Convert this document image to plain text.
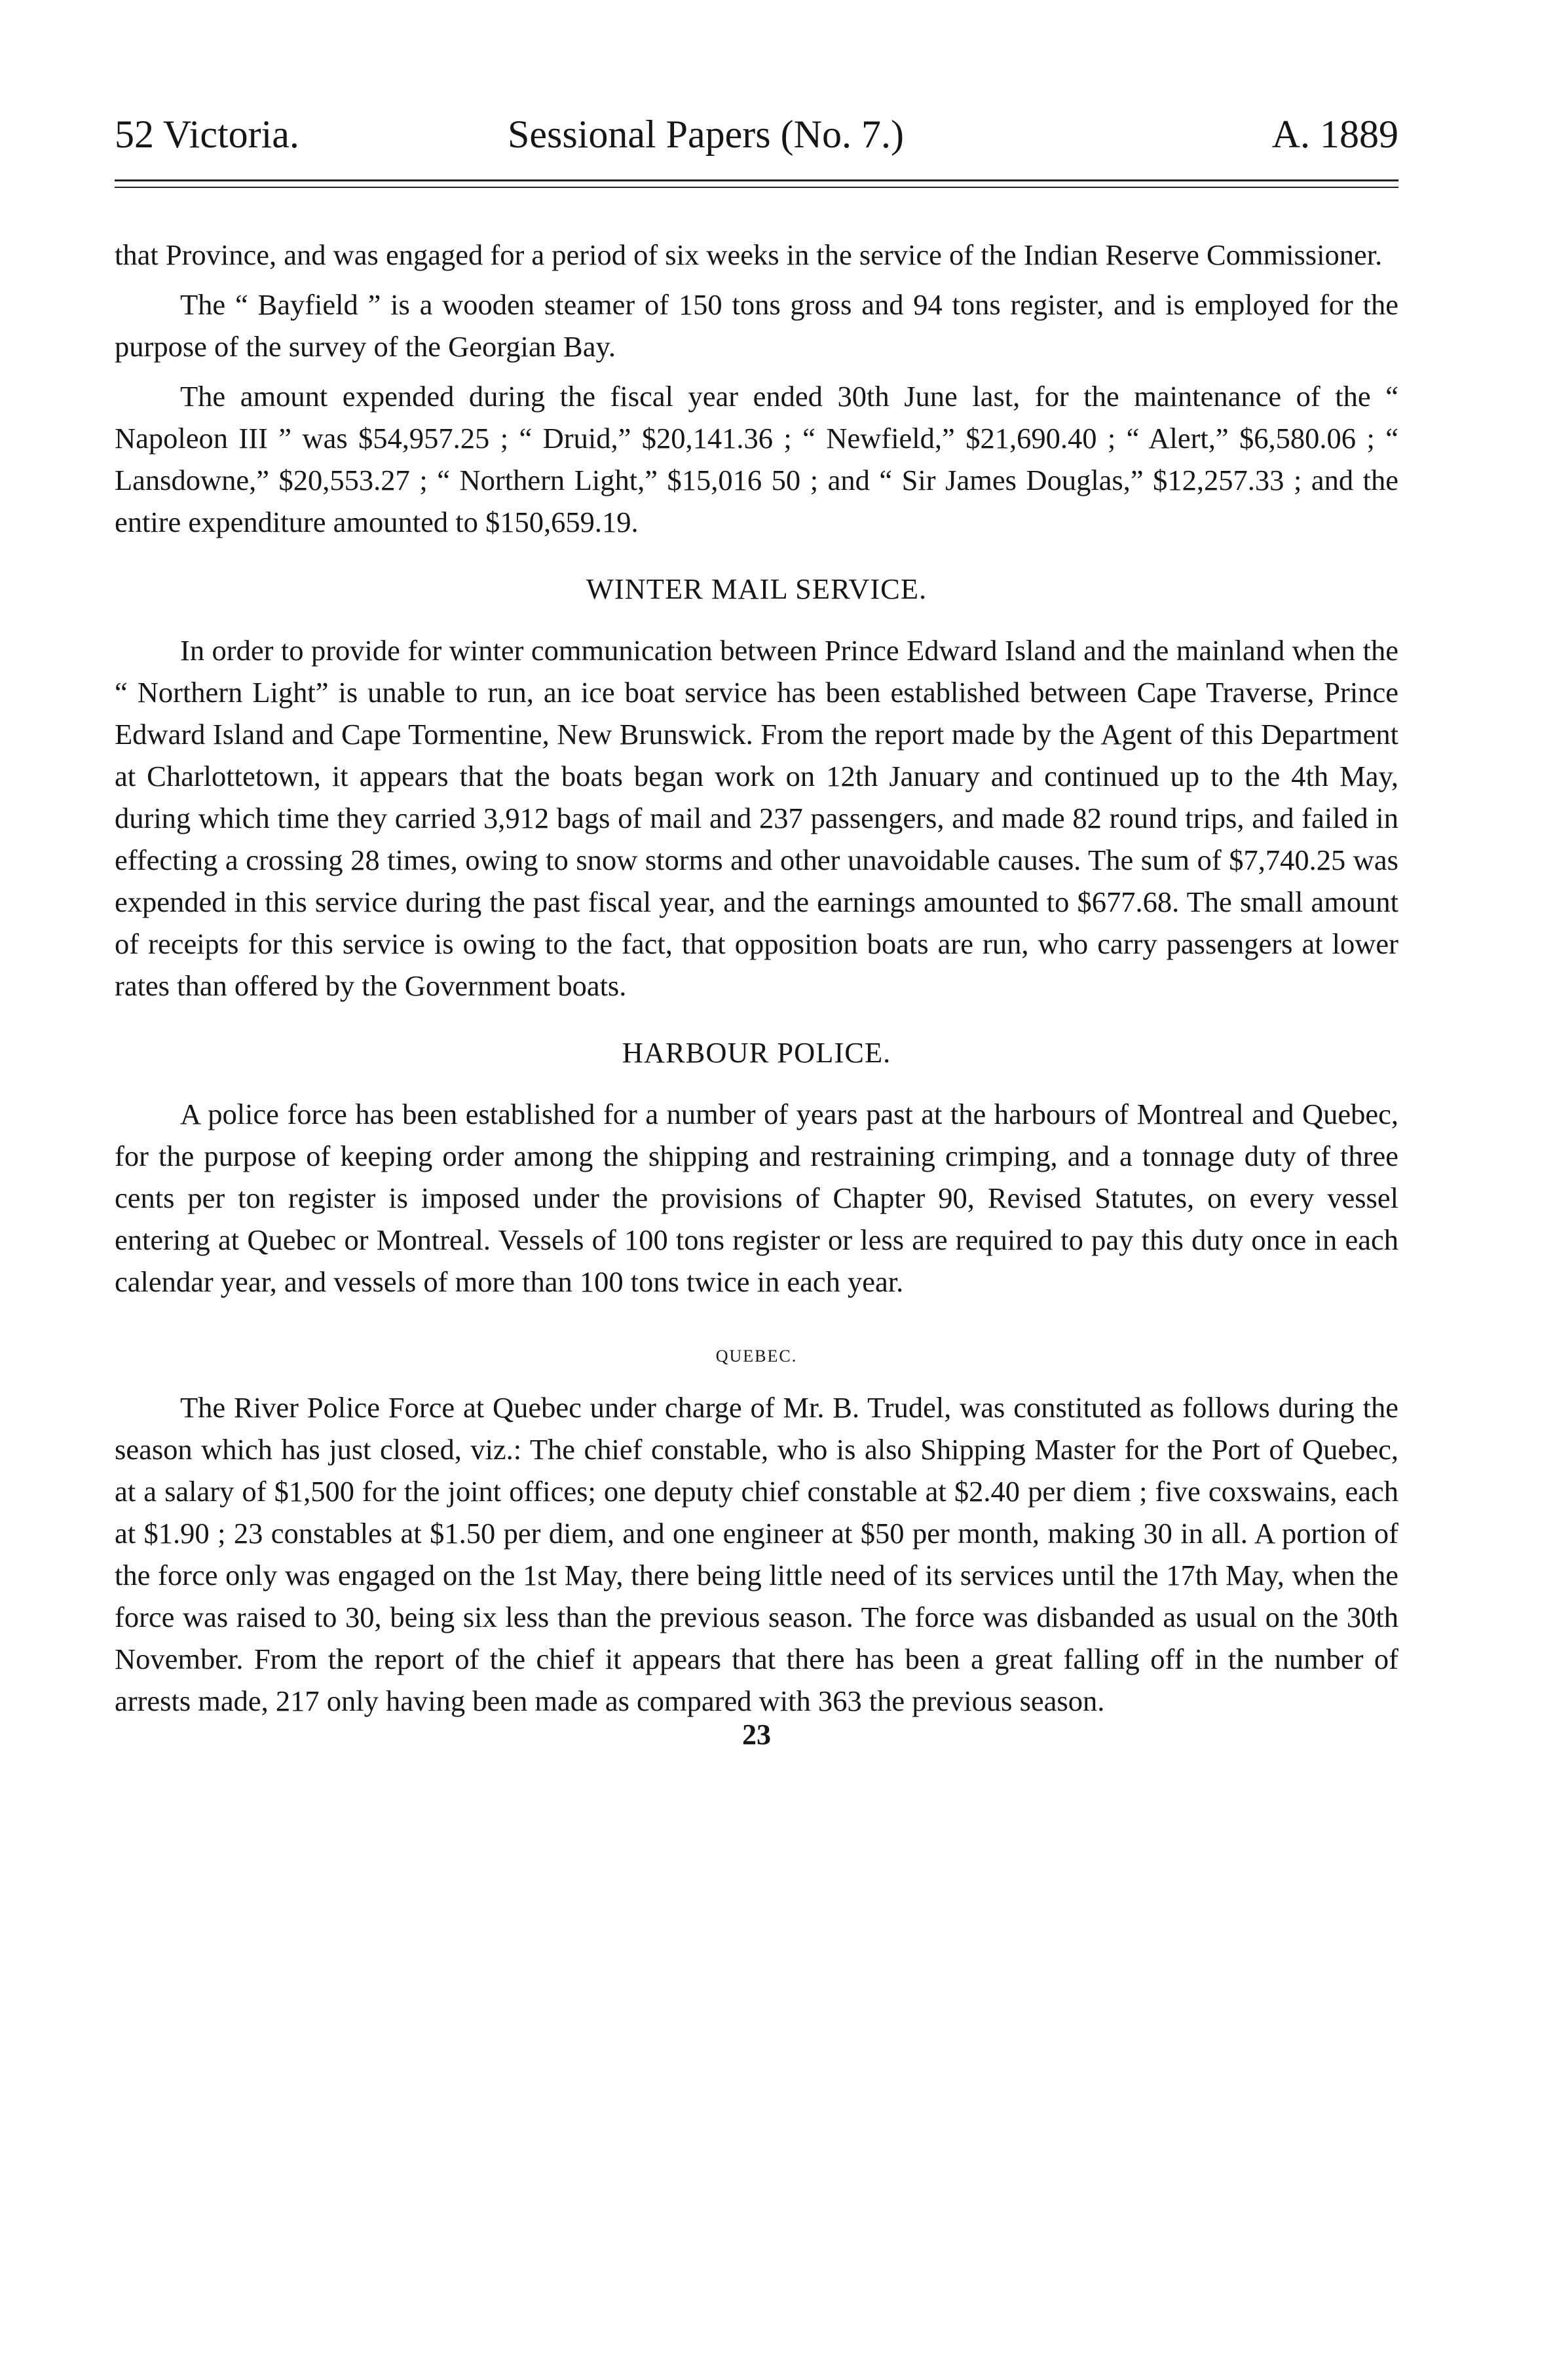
52 Victoria.	Sessional Papers (No. 7.)	A. 1889

that Province, and was engaged for a period of six weeks in the service of the Indian Reserve Commissioner.

The “ Bayfield ” is a wooden steamer of 150 tons gross and 94 tons register, and is employed for the purpose of the survey of the Georgian Bay.

The amount expended during the fiscal year ended 30th June last, for the maintenance of the “ Napoleon III ” was $54,957.25 ; “ Druid,” $20,141.36 ; “ Newfield,” $21,690.40 ; “ Alert,” $6,580.06 ; “ Lansdowne,” $20,553.27 ; “ Northern Light,” $15,016 50 ; and “ Sir James Douglas,” $12,257.33 ; and the entire expenditure amounted to $150,659.19.

WINTER MAIL SERVICE.

In order to provide for winter communication between Prince Edward Island and the mainland when the “ Northern Light” is unable to run, an ice boat service has been established between Cape Traverse, Prince Edward Island and Cape Tormentine, New Brunswick. From the report made by the Agent of this Department at Charlottetown, it appears that the boats began work on 12th January and continued up to the 4th May, during which time they carried 3,912 bags of mail and 237 passengers, and made 82 round trips, and failed in effecting a crossing 28 times, owing to snow storms and other unavoidable causes. The sum of $7,740.25 was expended in this service during the past fiscal year, and the earnings amounted to $677.68. The small amount of receipts for this service is owing to the fact, that opposition boats are run, who carry passengers at lower rates than offered by the Government boats.

HARBOUR POLICE.

A police force has been established for a number of years past at the harbours of Montreal and Quebec, for the purpose of keeping order among the shipping and restraining crimping, and a tonnage duty of three cents per ton register is imposed under the provisions of Chapter 90, Revised Statutes, on every vessel entering at Quebec or Montreal. Vessels of 100 tons register or less are required to pay this duty once in each calendar year, and vessels of more than 100 tons twice in each year.

QUEBEC.

The River Police Force at Quebec under charge of Mr. B. Trudel, was constituted as follows during the season which has just closed, viz.: The chief constable, who is also Shipping Master for the Port of Quebec, at a salary of $1,500 for the joint offices; one deputy chief constable at $2.40 per diem ; five coxswains, each at $1.90 ; 23 constables at $1.50 per diem, and one engineer at $50 per month, making 30 in all. A portion of the force only was engaged on the 1st May, there being little need of its services until the 17th May, when the force was raised to 30, being six less than the previous season. The force was disbanded as usual on the 30th November. From the report of the chief it appears that there has been a great falling off in the number of arrests made, 217 only having been made as compared with 363 the previous season.

23
